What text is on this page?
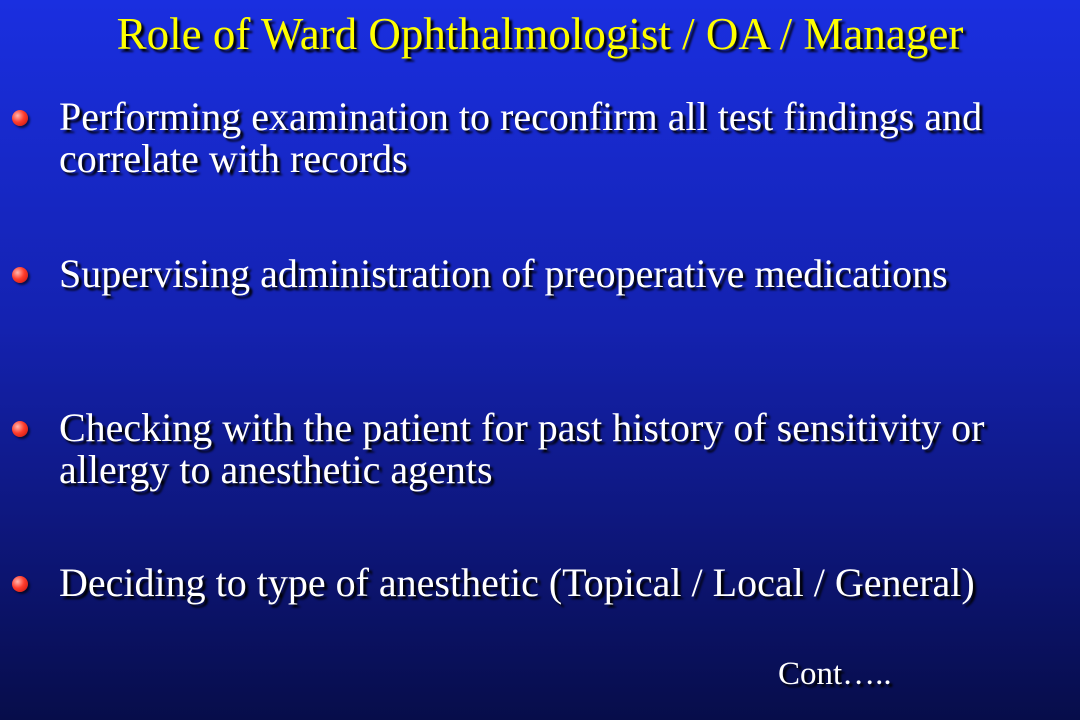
Role of Ward Ophthalmologist / OA / Manager
Performing examination to reconfirm all test findings and correlate with records
Supervising administration of preoperative medications
Checking with the patient for past history of sensitivity or allergy to anesthetic agents
Deciding to type of anesthetic (Topical / Local / General)
Cont…..
